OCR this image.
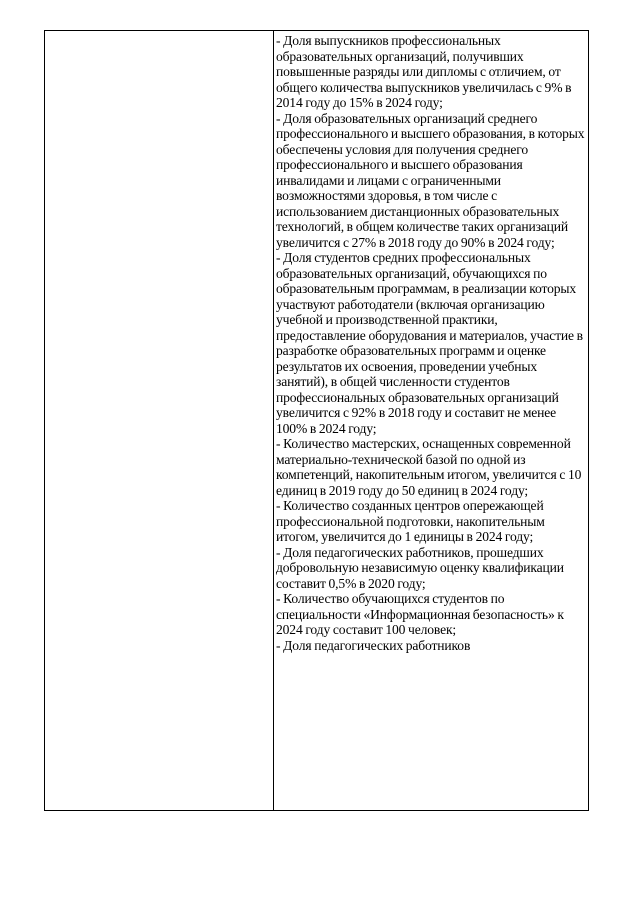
- Доля выпускников профессиональных образовательных организаций, получивших повышенные разряды или дипломы с отличием, от общего количества выпускников увеличилась с 9% в 2014 году до 15% в 2024 году;

- Доля образовательных организаций среднего профессионального и высшего образования, в которых обеспечены условия для получения среднего профессионального и высшего образования инвалидами и лицами с ограниченными возможностями здоровья, в том числе с использованием дистанционных образовательных технологий, в общем количестве таких организаций увеличится с 27% в 2018 году до 90% в 2024 году;

- Доля студентов средних профессиональных образовательных организаций, обучающихся по образовательным программам, в реализации которых участвуют работодатели (включая организацию учебной и производственной практики, предоставление оборудования и материалов, участие в разработке образовательных программ и оценке результатов их освоения, проведении учебных занятий), в общей численности студентов профессиональных образовательных организаций увеличится с 92% в 2018 году и составит не менее 100% в 2024 году;

- Количество мастерских, оснащенных современной материально-технической базой по одной из компетенций, накопительным итогом, увеличится с 10 единиц в 2019 году до 50 единиц в 2024 году;

- Количество созданных центров опережающей профессиональной подготовки, накопительным итогом, увеличится до 1 единицы в 2024 году;

- Доля педагогических работников, прошедших добровольную независимую оценку квалификации составит 0,5% в 2020 году;

- Количество обучающихся студентов по специальности «Информационная безопасность» к 2024 году составит 100 человек;

- Доля педагогических работников
